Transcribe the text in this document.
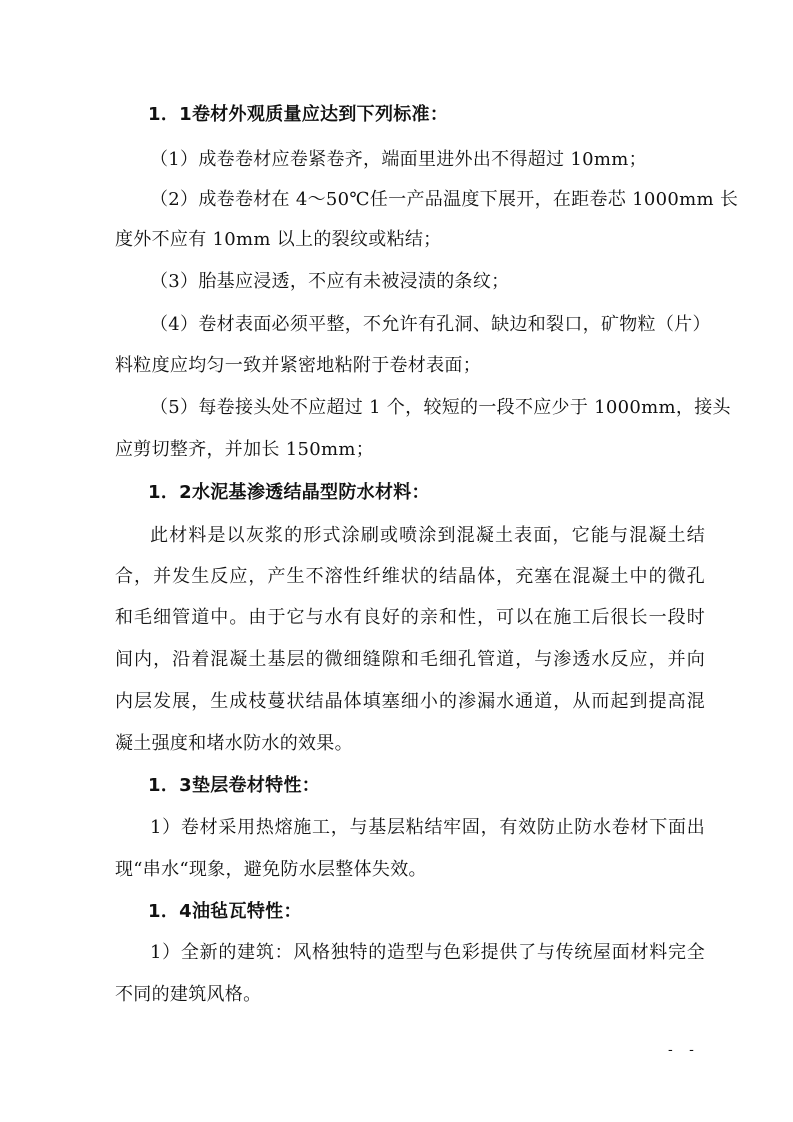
1．1卷材外观质量应达到下列标准：
（1）成卷卷材应卷紧卷齐，端面里进外出不得超过 10mm；
（2）成卷卷材在 4～50℃任一产品温度下展开，在距卷芯 1000mm 长
度外不应有 10mm 以上的裂纹或粘结；
（3）胎基应浸透，不应有未被浸渍的条纹；
（4）卷材表面必须平整，不允许有孔洞、缺边和裂口，矿物粒（片）
料粒度应均匀一致并紧密地粘附于卷材表面；
（5）每卷接头处不应超过 1 个，较短的一段不应少于 1000mm，接头
应剪切整齐，并加长 150mm；
1．2水泥基渗透结晶型防水材料：
此材料是以灰浆的形式涂刷或喷涂到混凝土表面，它能与混凝土结
合，并发生反应，产生不溶性纤维状的结晶体，充塞在混凝土中的微孔
和毛细管道中。由于它与水有良好的亲和性，可以在施工后很长一段时
间内，沿着混凝土基层的微细缝隙和毛细孔管道，与渗透水反应，并向
内层发展，生成枝蔓状结晶体填塞细小的渗漏水通道，从而起到提高混
凝土强度和堵水防水的效果。
1．3垫层卷材特性：
1）卷材采用热熔施工，与基层粘结牢固，有效防止防水卷材下面出
现“串水“现象，避免防水层整体失效。
1．4油毡瓦特性：
1）全新的建筑：风格独特的造型与色彩提供了与传统屋面材料完全
不同的建筑风格。
- -
